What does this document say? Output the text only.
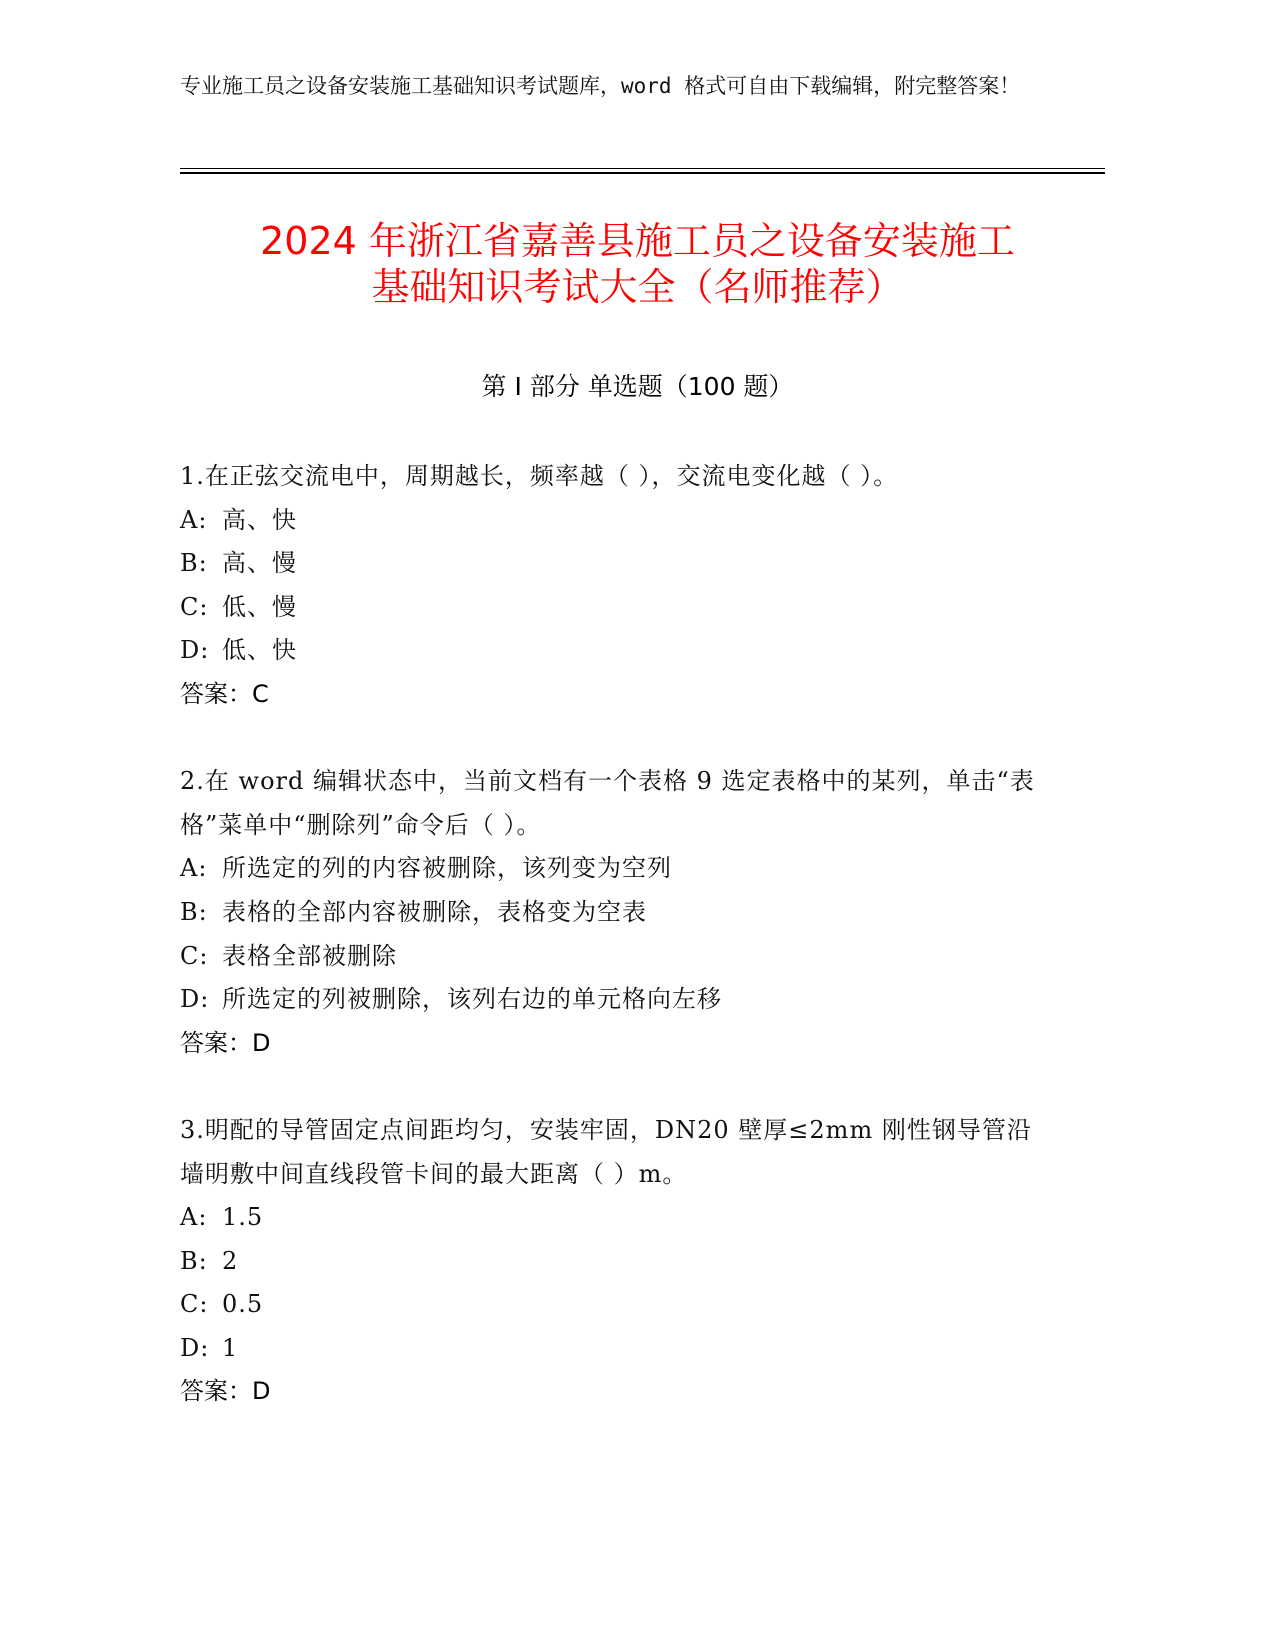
专业施工员之设备安装施工基础知识考试题库，word 格式可自由下载编辑，附完整答案！
2024 年浙江省嘉善县施工员之设备安装施工
基础知识考试大全（名师推荐）
第 I 部分 单选题（100 题）

1.在正弦交流电中，周期越长，频率越（ ），交流电变化越（ ）。

A: 高、快

B: 高、慢

C: 低、慢

D: 低、快

答案：C

2.在 word 编辑状态中，当前文档有一个表格 9 选定表格中的某列，单击“表格”菜单中“删除列”命令后（ ）。

A: 所选定的列的内容被删除，该列变为空列

B: 表格的全部内容被删除，表格变为空表

C: 表格全部被删除

D: 所选定的列被删除，该列右边的单元格向左移

答案：D

3.明配的导管固定点间距均匀，安装牢固，DN20 壁厚≤2mm 刚性钢导管沿墙明敷中间直线段管卡间的最大距离（ ）m。

A: 1.5

B: 2

C: 0.5

D: 1

答案：D
